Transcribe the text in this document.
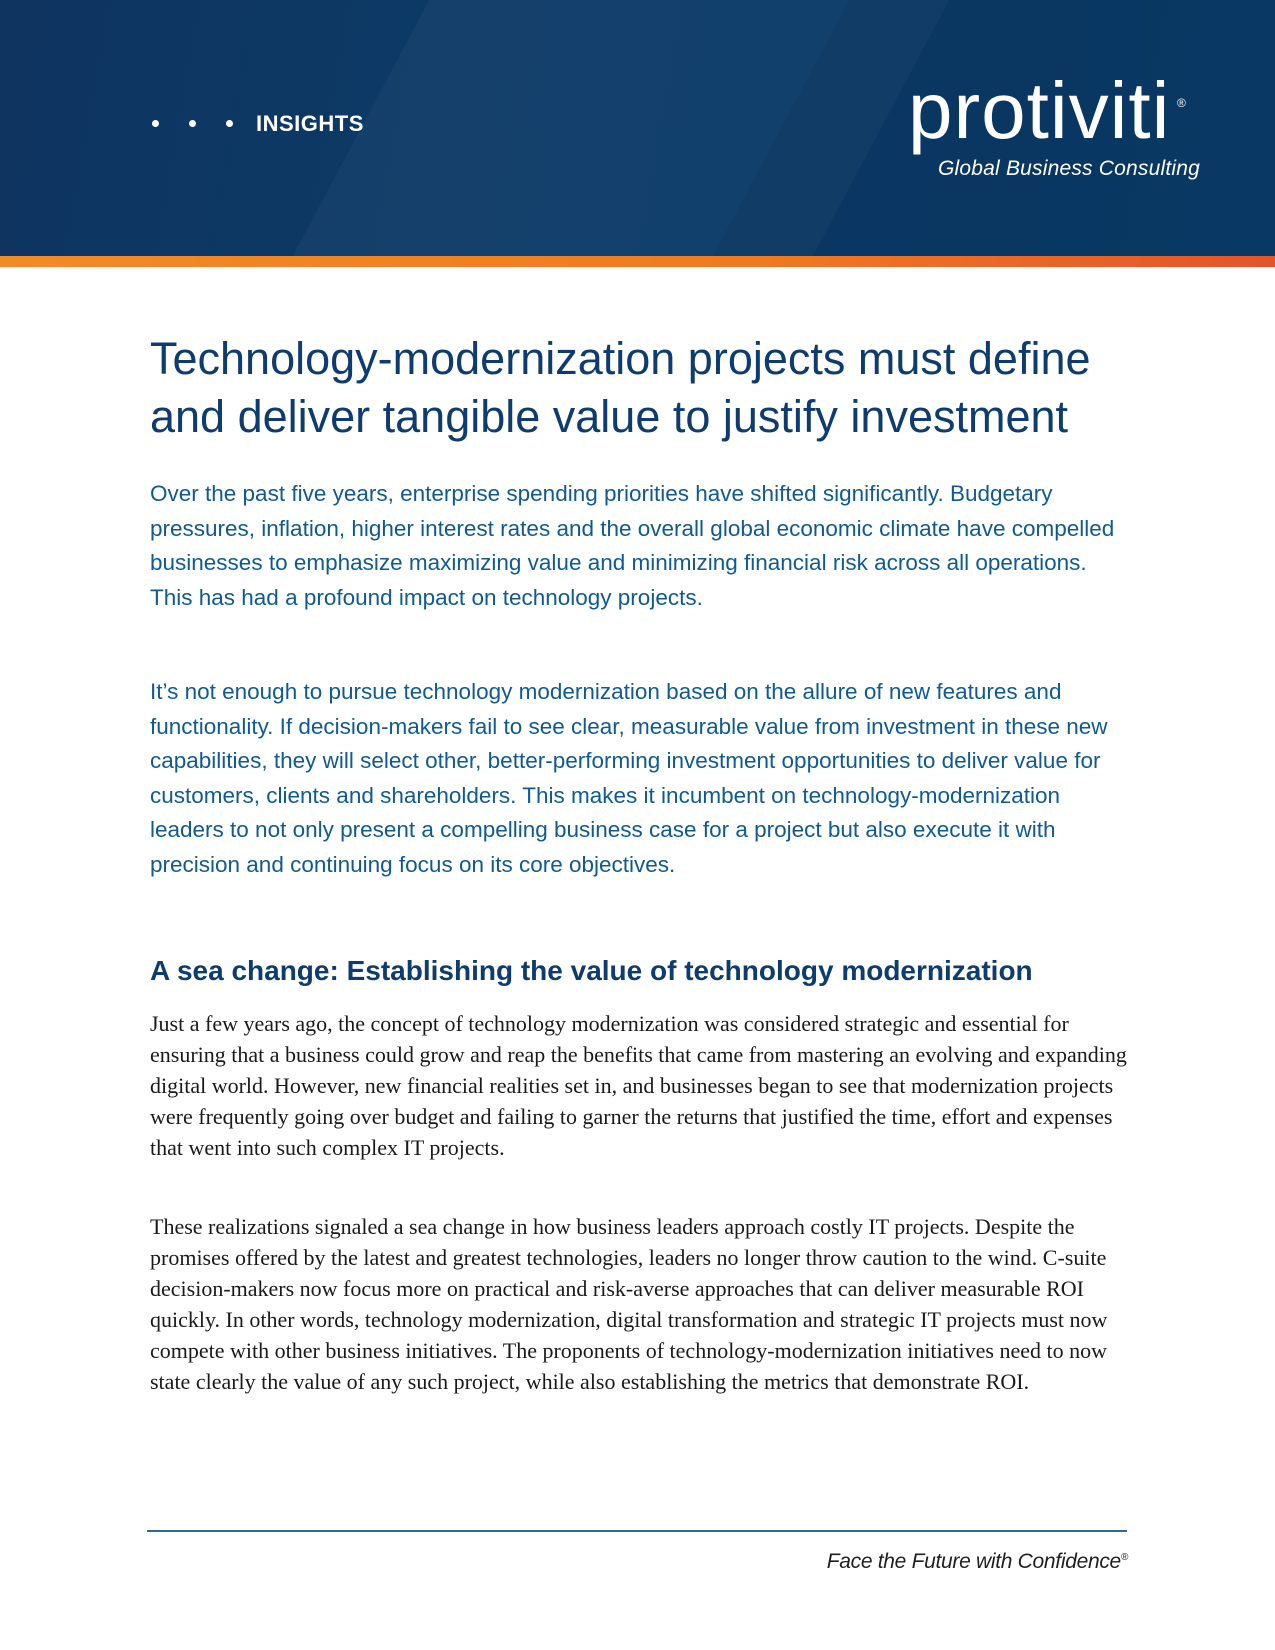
INSIGHTS	protiviti ®
Global Business Consulting
Technology-modernization projects must define and deliver tangible value to justify investment

Over the past five years, enterprise spending priorities have shifted significantly. Budgetary pressures, inflation, higher interest rates and the overall global economic climate have compelled businesses to emphasize maximizing value and minimizing financial risk across all operations. This has had a profound impact on technology projects.

It’s not enough to pursue technology modernization based on the allure of new features and functionality. If decision-makers fail to see clear, measurable value from investment in these new capabilities, they will select other, better-performing investment opportunities to deliver value for customers, clients and shareholders. This makes it incumbent on technology-modernization leaders to not only present a compelling business case for a project but also execute it with precision and continuing focus on its core objectives.

A sea change: Establishing the value of technology modernization

Just a few years ago, the concept of technology modernization was considered strategic and essential for ensuring that a business could grow and reap the benefits that came from mastering an evolving and expanding digital world. However, new financial realities set in, and businesses began to see that modernization projects were frequently going over budget and failing to garner the returns that justified the time, effort and expenses that went into such complex IT projects.

These realizations signaled a sea change in how business leaders approach costly IT projects. Despite the promises offered by the latest and greatest technologies, leaders no longer throw caution to the wind. C-suite decision-makers now focus more on practical and risk-averse approaches that can deliver measurable ROI quickly. In other words, technology modernization, digital transformation and strategic IT projects must now compete with other business initiatives. The proponents of technology-modernization initiatives need to now state clearly the value of any such project, while also establishing the metrics that demonstrate ROI.

Face the Future with Confidence®
